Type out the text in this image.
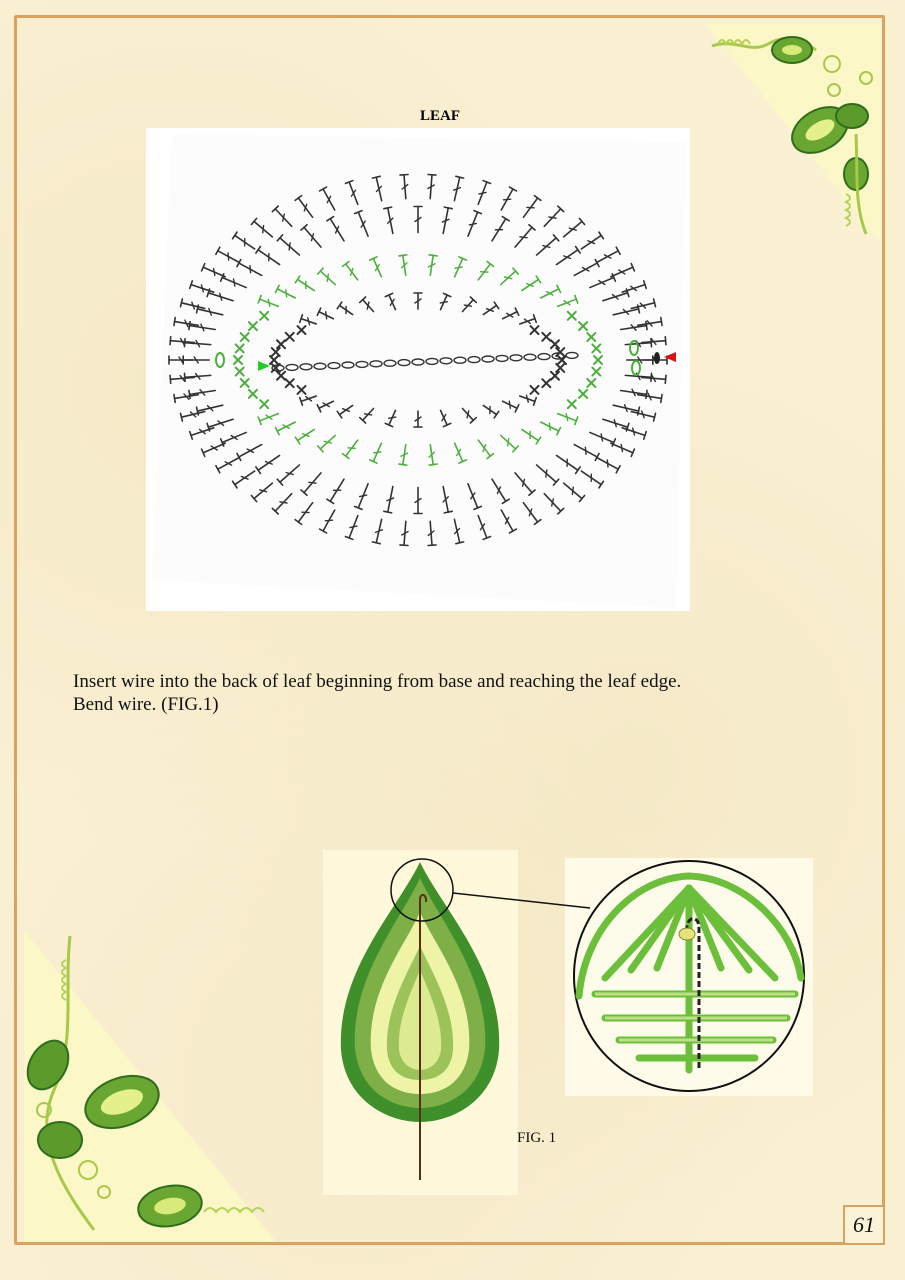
LEAF

Insert wire into the back of leaf beginning from base and reaching the leaf edge.

Bend wire. (FIG.1)

FIG. 1
61
